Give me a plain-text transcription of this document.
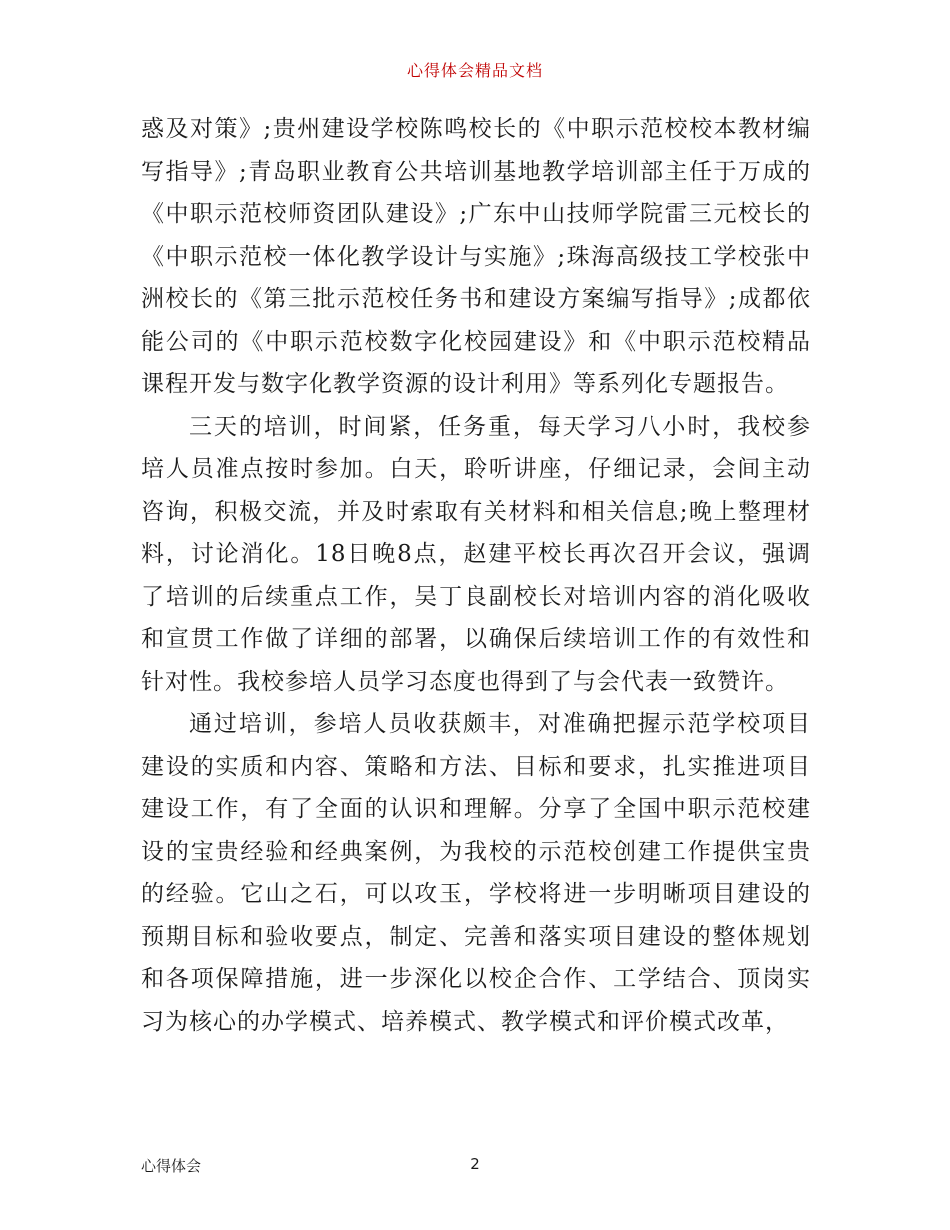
心得体会精品文档

惑及对策》;贵州建设学校陈鸣校长的《中职示范校校本教材编写指导》;青岛职业教育公共培训基地教学培训部主任于万成的《中职示范校师资团队建设》;广东中山技师学院雷三元校长的《中职示范校一体化教学设计与实施》;珠海高级技工学校张中洲校长的《第三批示范校任务书和建设方案编写指导》;成都依能公司的《中职示范校数字化校园建设》和《中职示范校精品课程开发与数字化教学资源的设计利用》等系列化专题报告。

三天的培训，时间紧，任务重，每天学习八小时，我校参培人员准点按时参加。白天，聆听讲座，仔细记录，会间主动咨询，积极交流，并及时索取有关材料和相关信息;晚上整理材料，讨论消化。18日晚8点，赵建平校长再次召开会议，强调了培训的后续重点工作，吴丁良副校长对培训内容的消化吸收和宣贯工作做了详细的部署，以确保后续培训工作的有效性和针对性。我校参培人员学习态度也得到了与会代表一致赞许。

通过培训，参培人员收获颇丰，对准确把握示范学校项目建设的实质和内容、策略和方法、目标和要求，扎实推进项目建设工作，有了全面的认识和理解。分享了全国中职示范校建设的宝贵经验和经典案例，为我校的示范校创建工作提供宝贵的经验。它山之石，可以攻玉，学校将进一步明晰项目建设的预期目标和验收要点，制定、完善和落实项目建设的整体规划和各项保障措施，进一步深化以校企合作、工学结合、顶岗实习为核心的办学模式、培养模式、教学模式和评价模式改革，

心得体会	2
